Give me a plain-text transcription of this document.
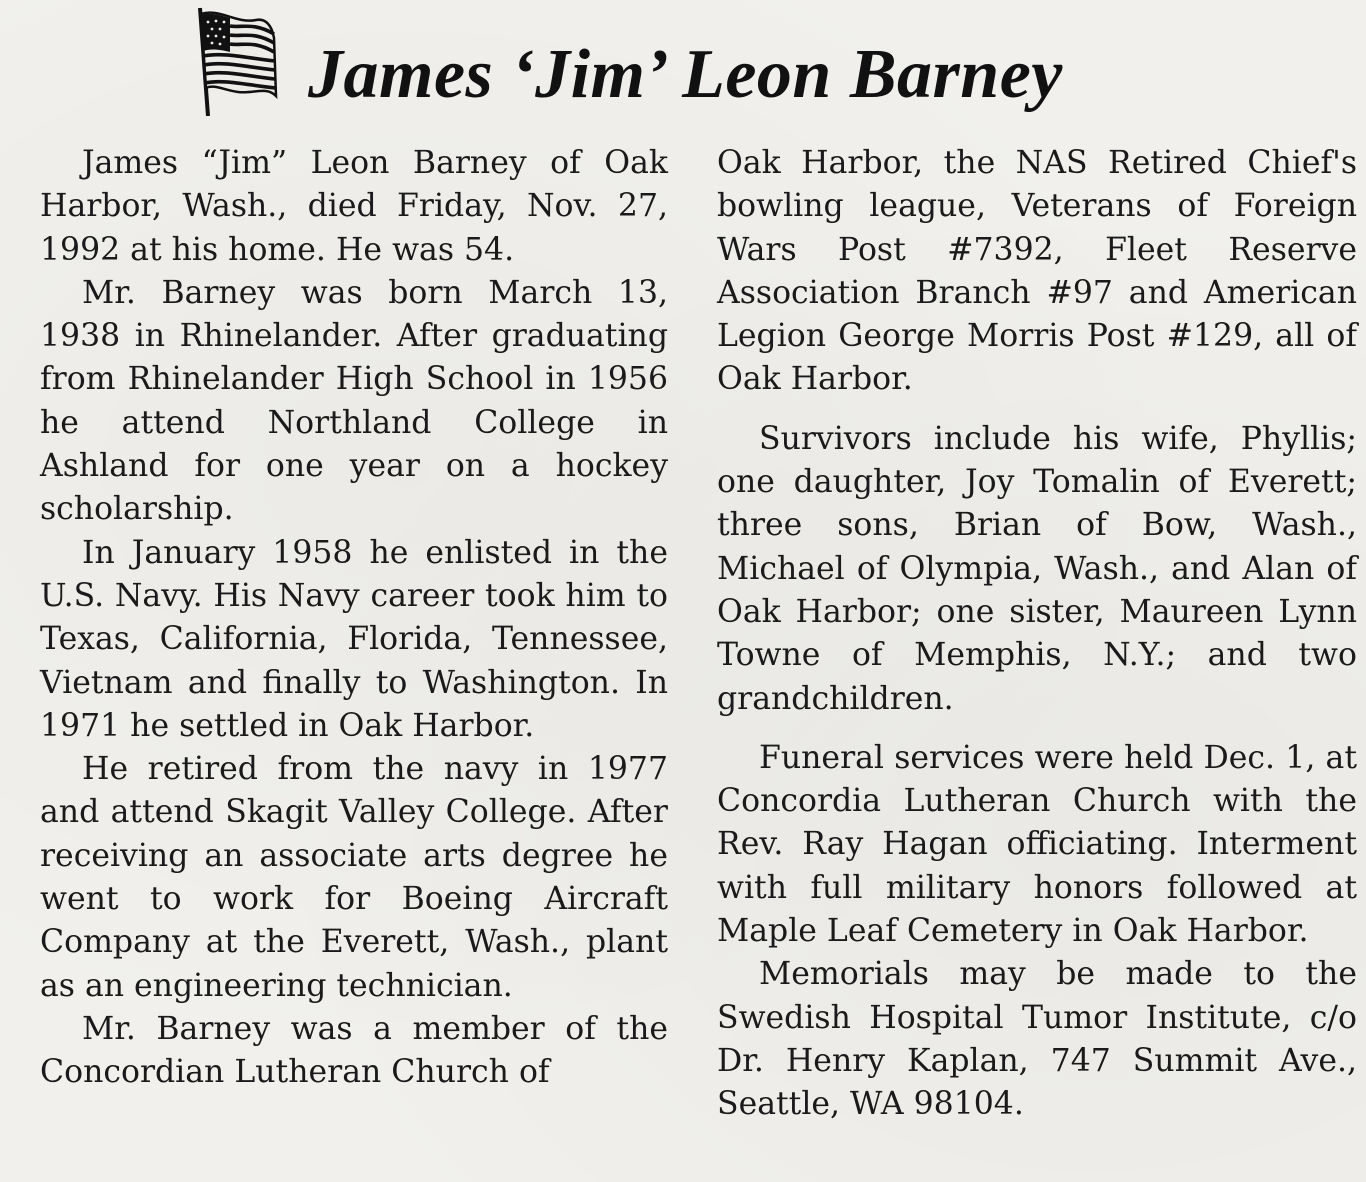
James ‘Jim’ Leon Barney

James “Jim” Leon Barney of Oak Harbor, Wash., died Friday, Nov. 27, 1992 at his home. He was 54.

Mr. Barney was born March 13, 1938 in Rhinelander. After graduating from Rhinelander High School in 1956 he attend Northland College in Ashland for one year on a hockey scholarship.

In January 1958 he enlisted in the U.S. Navy. His Navy career took him to Texas, California, Florida, Tennessee, Vietnam and finally to Washington. In 1971 he settled in Oak Harbor.

He retired from the navy in 1977 and attend Skagit Valley College. After receiving an associate arts degree he went to work for Boeing Aircraft Company at the Everett, Wash., plant as an engineering technician.

Mr. Barney was a member of the Concordian Lutheran Church of

Oak Harbor, the NAS Retired Chief's bowling league, Veterans of Foreign Wars Post #7392, Fleet Reserve Association Branch #97 and American Legion George Morris Post #129, all of Oak Harbor.

Survivors include his wife, Phyllis; one daughter, Joy Tomalin of Everett; three sons, Brian of Bow, Wash., Michael of Olympia, Wash., and Alan of Oak Harbor; one sister, Maureen Lynn Towne of Memphis, N.Y.; and two grandchildren.

Funeral services were held Dec. 1, at Concordia Lutheran Church with the Rev. Ray Hagan officiating. Interment with full military honors followed at Maple Leaf Cemetery in Oak Harbor.

Memorials may be made to the Swedish Hospital Tumor Institute, c/o Dr. Henry Kaplan, 747 Summit Ave., Seattle, WA 98104.
